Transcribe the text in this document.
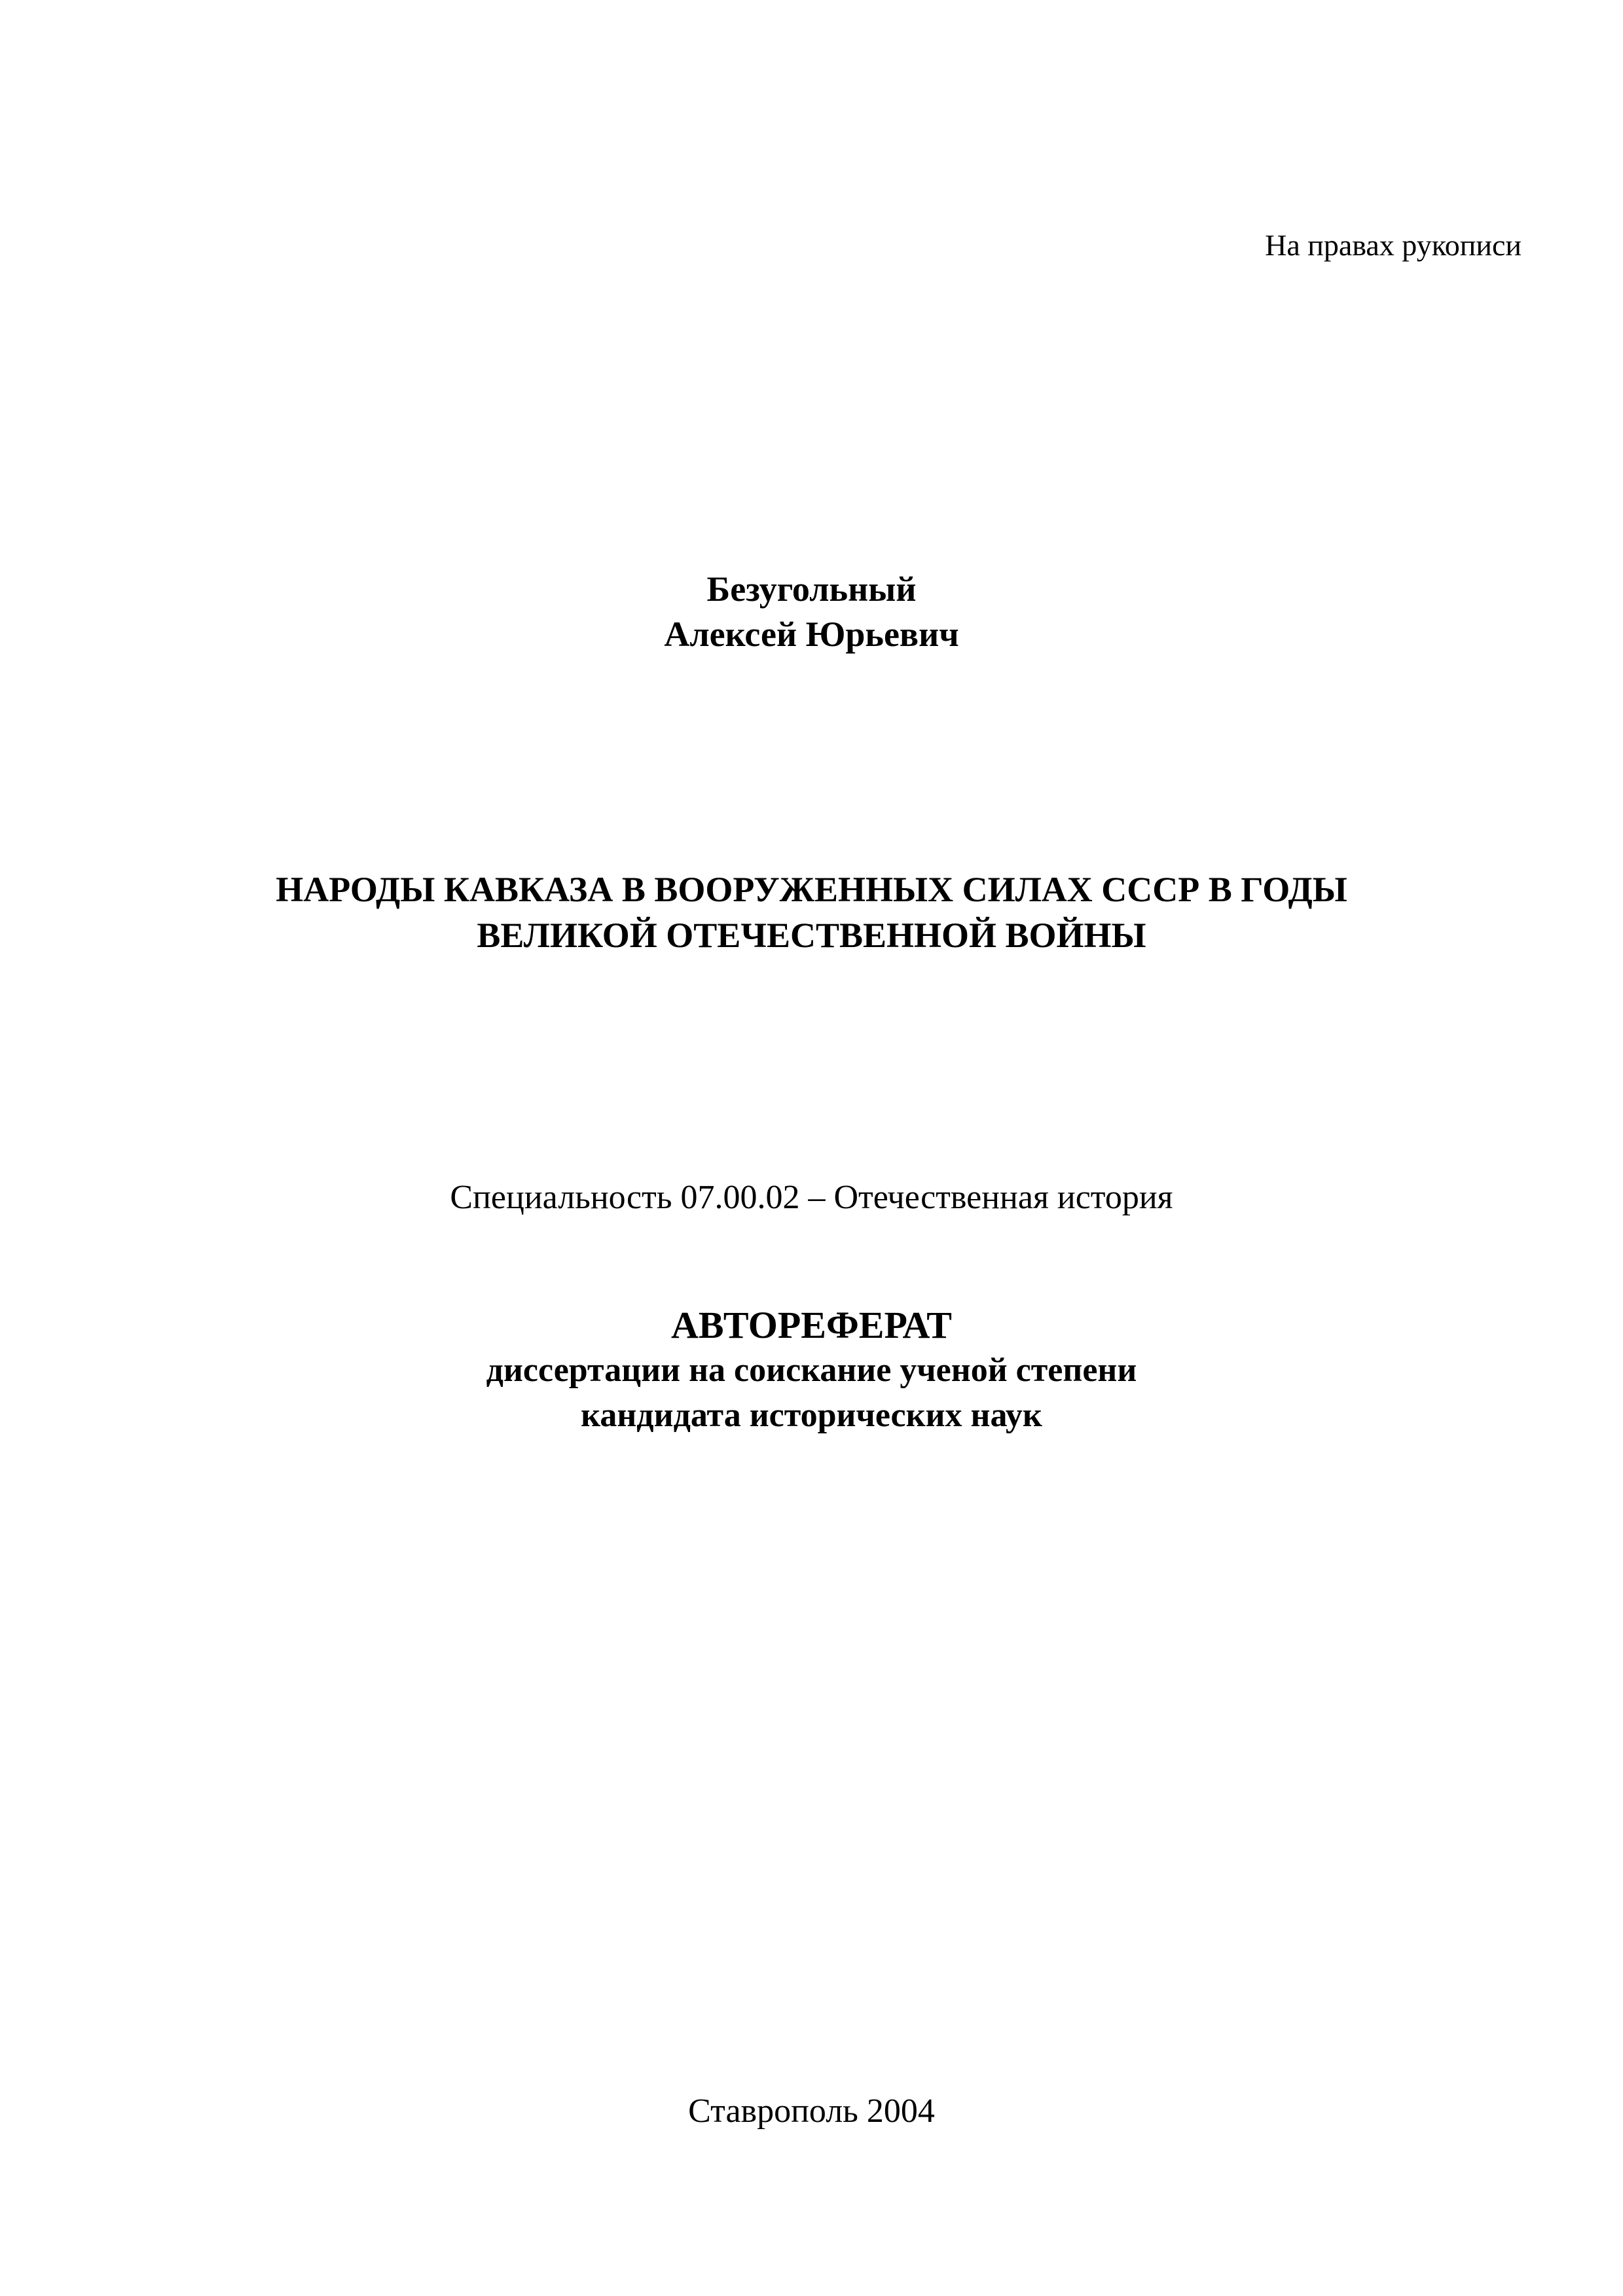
На правах рукописи
Безугольный
Алексей Юрьевич
НАРОДЫ КАВКАЗА В ВООРУЖЕННЫХ СИЛАХ СССР В ГОДЫ
ВЕЛИКОЙ ОТЕЧЕСТВЕННОЙ ВОЙНЫ
Специальность 07.00.02 – Отечественная история
АВТОРЕФЕРАТ
диссертации на соискание ученой степени
кандидата исторических наук
Ставрополь 2004
